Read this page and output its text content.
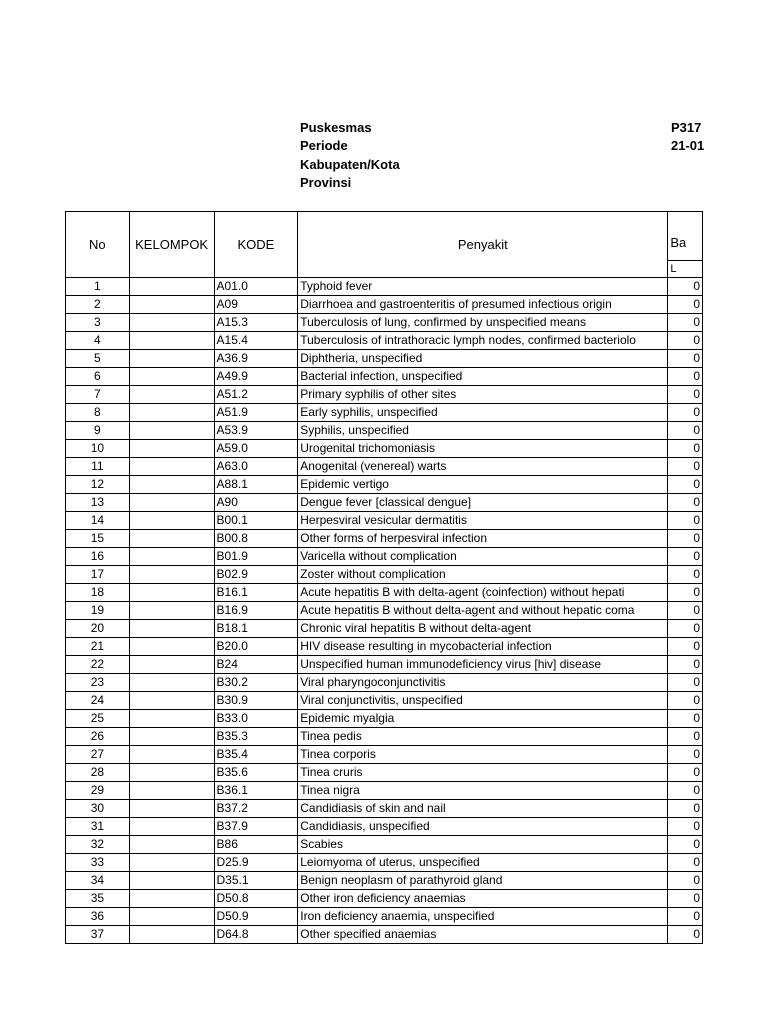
Puskesmas	P317
Periode	21-01
Kabupaten/Kota
Provinsi
No	KELOMPOK	KODE	Penyakit	Ba
				L
1		A01.0	Typhoid fever	0
2		A09	Diarrhoea and gastroenteritis of presumed infectious origin	0
3		A15.3	Tuberculosis of lung, confirmed by unspecified means	0
4		A15.4	Tuberculosis of intrathoracic lymph nodes, confirmed bacteriolo	0
5		A36.9	Diphtheria, unspecified	0
6		A49.9	Bacterial infection, unspecified	0
7		A51.2	Primary syphilis of other sites	0
8		A51.9	Early syphilis, unspecified	0
9		A53.9	Syphilis, unspecified	0
10		A59.0	Urogenital trichomoniasis	0
11		A63.0	Anogenital (venereal) warts	0
12		A88.1	Epidemic vertigo	0
13		A90	Dengue fever [classical dengue]	0
14		B00.1	Herpesviral vesicular dermatitis	0
15		B00.8	Other forms of herpesviral infection	0
16		B01.9	Varicella without complication	0
17		B02.9	Zoster without complication	0
18		B16.1	Acute hepatitis B with delta-agent (coinfection) without hepati	0
19		B16.9	Acute hepatitis B without delta-agent and without hepatic coma	0
20		B18.1	Chronic viral hepatitis B without delta-agent	0
21		B20.0	HIV disease resulting in mycobacterial infection	0
22		B24	Unspecified human immunodeficiency virus [hiv] disease	0
23		B30.2	Viral pharyngoconjunctivitis	0
24		B30.9	Viral conjunctivitis, unspecified	0
25		B33.0	Epidemic myalgia	0
26		B35.3	Tinea pedis	0
27		B35.4	Tinea corporis	0
28		B35.6	Tinea cruris	0
29		B36.1	Tinea nigra	0
30		B37.2	Candidiasis of skin and nail	0
31		B37.9	Candidiasis, unspecified	0
32		B86	Scabies	0
33		D25.9	Leiomyoma of uterus, unspecified	0
34		D35.1	Benign neoplasm of parathyroid gland	0
35		D50.8	Other iron deficiency anaemias	0
36		D50.9	Iron deficiency anaemia, unspecified	0
37		D64.8	Other specified anaemias	0
